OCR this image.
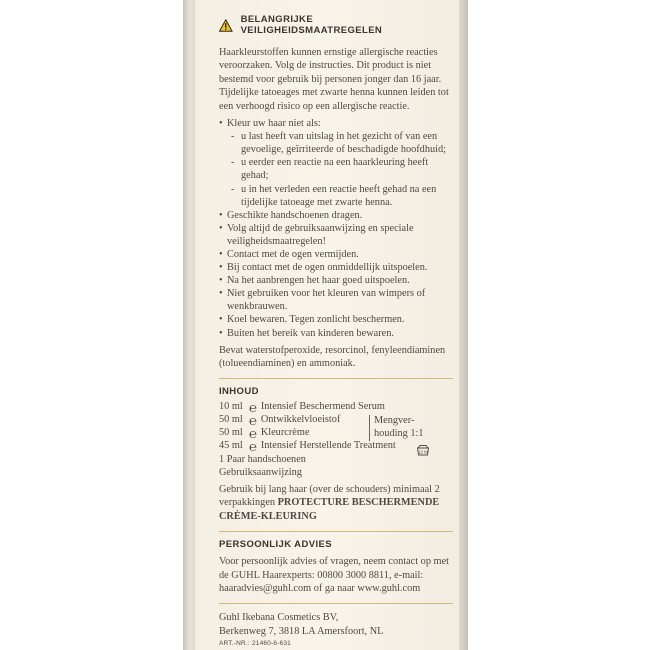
BELANGRIJKE VEILIGHEIDSMAATREGELEN

Haarkleurstoffen kunnen ernstige allergische reacties veroorzaken. Volg de instructies. Dit product is niet bestemd voor gebruik bij personen jonger dan 16 jaar. Tijdelijke tatoeages met zwarte henna kunnen leiden tot een verhoogd risico op een allergische reactie.

• Kleur uw haar niet als:
- u last heeft van uitslag in het gezicht of van een gevoelige, geïrriteerde of beschadigde hoofdhuid;
- u eerder een reactie na een haarkleuring heeft gehad;
- u in het verleden een reactie heeft gehad na een tijdelijke tatoeage met zwarte henna.
• Geschikte handschoenen dragen.
• Volg altijd de gebruiksaanwijzing en speciale veiligheidsmaatregelen!
• Contact met de ogen vermijden.
• Bij contact met de ogen onmiddellijk uitspoelen.
• Na het aanbrengen het haar goed uitspoelen.
• Niet gebruiken voor het kleuren van wimpers of wenkbrauwen.
• Koel bewaren. Tegen zonlicht beschermen.
• Buiten het bereik van kinderen bewaren.

Bevat waterstofperoxide, resorcinol, fenyleendiaminen (tolueendiaminen) en ammoniak.

INHOUD
10 ml ℮ Intensief Beschermend Serum
50 ml ℮ Ontwikkelvloeistof
50 ml ℮ Kleurcrème
45 ml ℮ Intensief Herstellende Treatment
Mengver-
houding 1:1
12 M

1 Paar handschoenen

Gebruiksaanwijzing

Gebruik bij lang haar (over de schouders) minimaal 2 verpakkingen PROTECTURE BESCHERMENDE CRÈME-KLEURING

PERSOONLIJK ADVIES

Voor persoonlijk advies of vragen, neem contact op met de GUHL Haarexperts: 00800 3000 8811, e-mail: haaradvies@guhl.com of ga naar www.guhl.com

Guhl Ikebana Cosmetics BV,

Berkenweg 7, 3818 LA Amersfoort, NL

ART.-NR.: 21460-6-631
